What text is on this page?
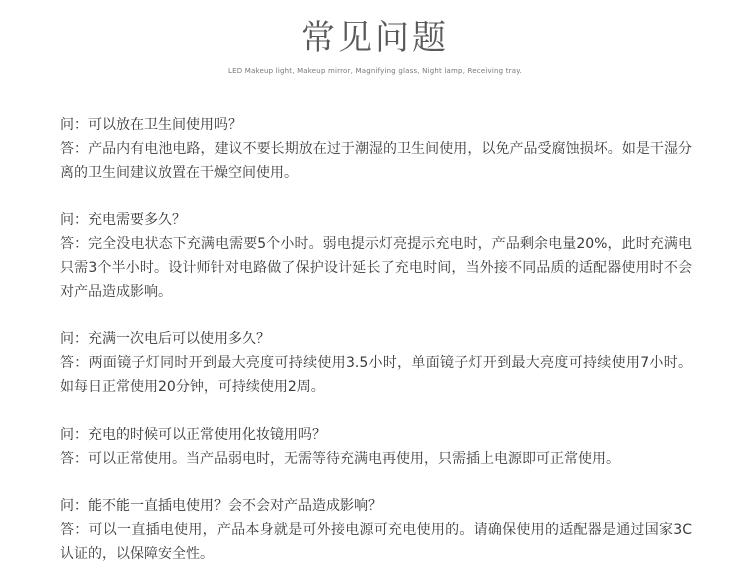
常见问题
LED Makeup light, Makeup mirror, Magnifying glass, Night lamp, Receiving tray.

问：可以放在卫生间使用吗？

答：产品内有电池电路，建议不要长期放在过于潮湿的卫生间使用，以免产品受腐蚀损坏。如是干湿分离的卫生间建议放置在干燥空间使用。

问：充电需要多久？

答：完全没电状态下充满电需要5个小时。弱电提示灯亮提示充电时，产品剩余电量20%，此时充满电只需3个半小时。设计师针对电路做了保护设计延长了充电时间，当外接不同品质的适配器使用时不会对产品造成影响。

问：充满一次电后可以使用多久？

答：两面镜子灯同时开到最大亮度可持续使用3.5小时，单面镜子灯开到最大亮度可持续使用7小时。如每日正常使用20分钟，可持续使用2周。

问：充电的时候可以正常使用化妆镜用吗？

答：可以正常使用。当产品弱电时，无需等待充满电再使用，只需插上电源即可正常使用。

问：能不能一直插电使用？会不会对产品造成影响？

答：可以一直插电使用，产品本身就是可外接电源可充电使用的。请确保使用的适配器是通过国家3C认证的，以保障安全性。
